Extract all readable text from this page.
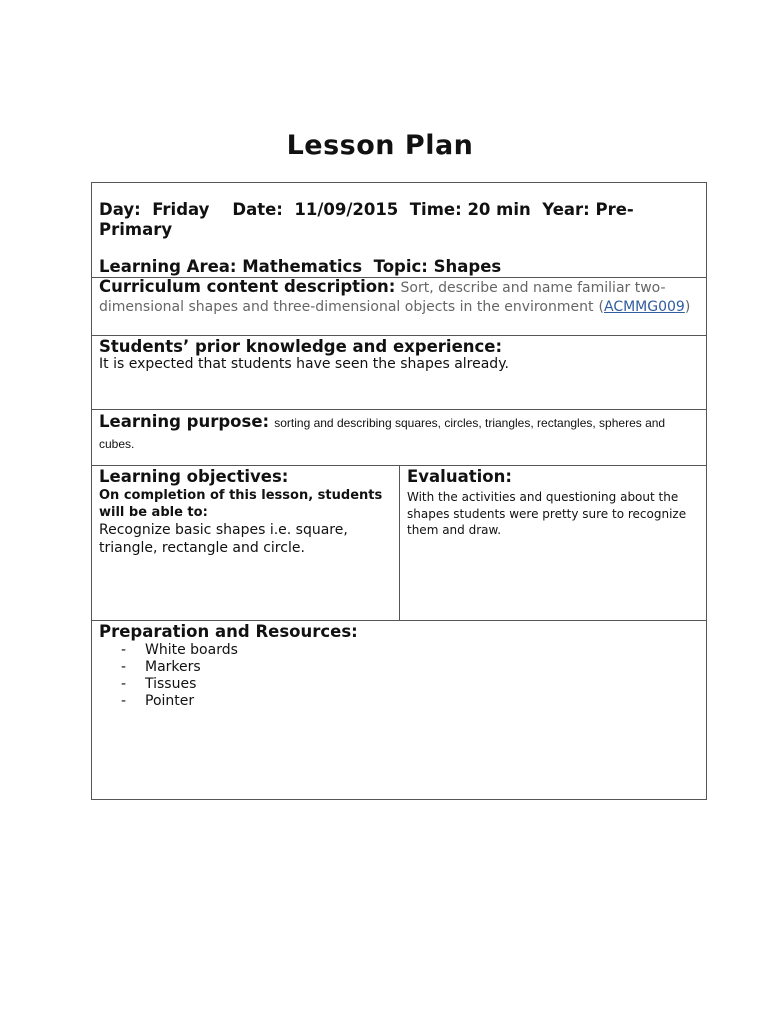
Lesson Plan
Day: Friday Date: 11/09/2015 Time: 20 min Year: Pre-Primary
Learning Area: Mathematics Topic: Shapes
Curriculum content description: Sort, describe and name familiar two-dimensional shapes and three-dimensional objects in the environment (ACMMG009)
Students’ prior knowledge and experience:
It is expected that students have seen the shapes already.
Learning purpose: sorting and describing squares, circles, triangles, rectangles, spheres and cubes.
Learning objectives:
On completion of this lesson, students will be able to:
Recognize basic shapes i.e. square, triangle, rectangle and circle.
Evaluation:
With the activities and questioning about the shapes students were pretty sure to recognize them and draw.
Preparation and Resources:
- White boards
- Markers
- Tissues
- Pointer
